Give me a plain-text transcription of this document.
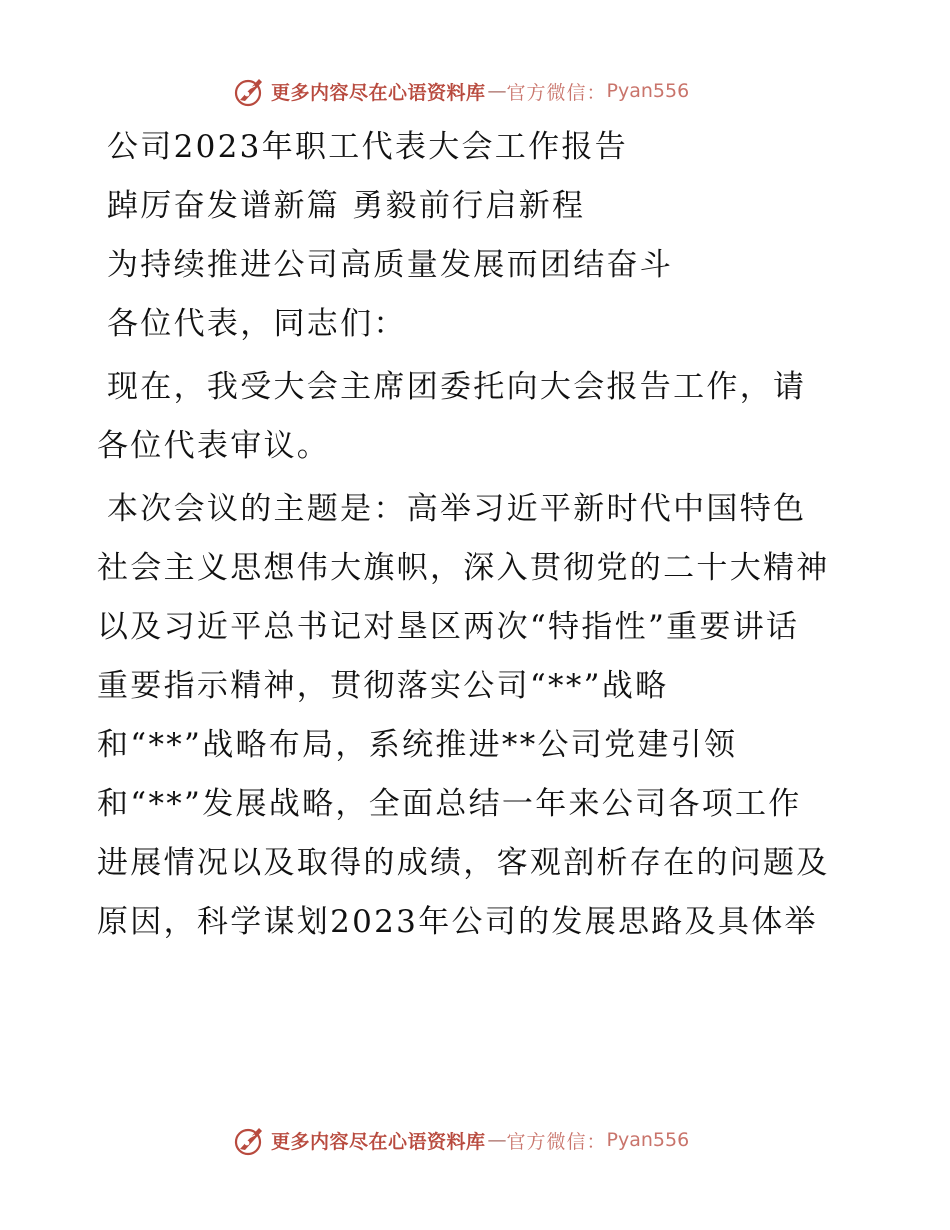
更多内容尽在心语资料库 — 官方微信： Pyan556

公司2023年职工代表大会工作报告

踔厉奋发谱新篇 勇毅前行启新程

为持续推进公司高质量发展而团结奋斗

各位代表，同志们：

现在，我受大会主席团委托向大会报告工作，请

各位代表审议。

本次会议的主题是：高举习近平新时代中国特色

社会主义思想伟大旗帜，深入贯彻党的二十大精神

以及习近平总书记对垦区两次“特指性”重要讲话

重要指示精神，贯彻落实公司“**”战略

和“**”战略布局，系统推进**公司党建引领

和“**”发展战略，全面总结一年来公司各项工作

进展情况以及取得的成绩，客观剖析存在的问题及

原因，科学谋划2023年公司的发展思路及具体举

更多内容尽在心语资料库 — 官方微信： Pyan556
